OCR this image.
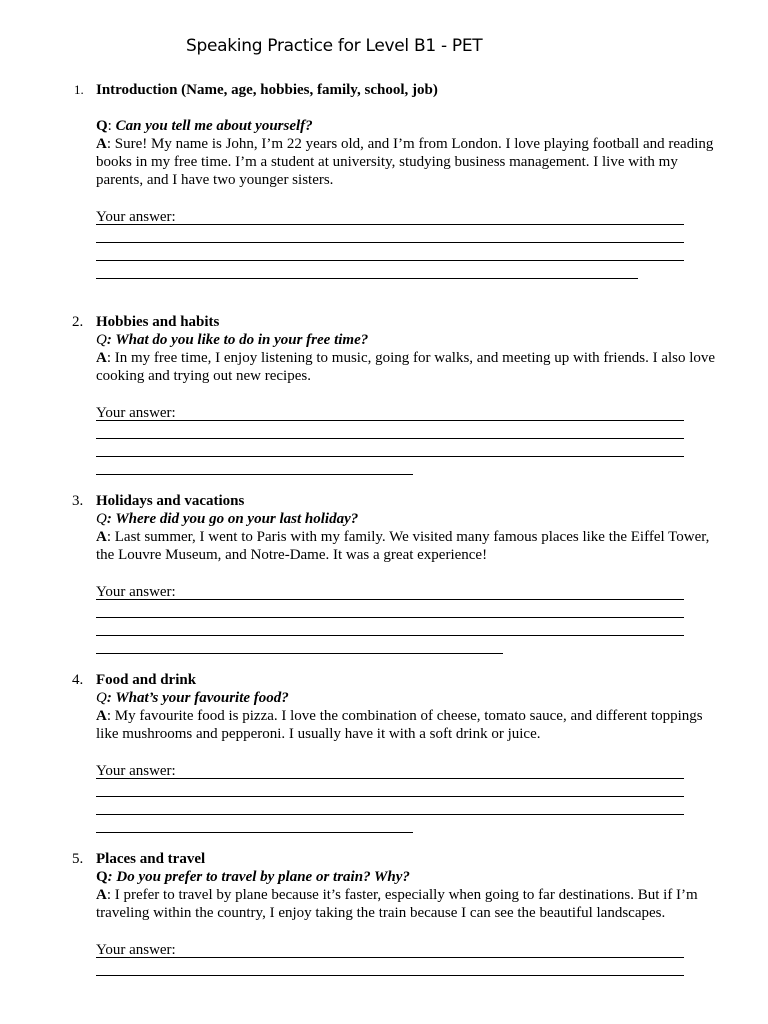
Speaking Practice for Level B1 - PET
1. Introduction (Name, age, hobbies, family, school, job)
Q: Can you tell me about yourself?
A: Sure! My name is John, I’m 22 years old, and I’m from London. I love playing football and reading books in my free time. I’m a student at university, studying business management. I live with my parents, and I have two younger sisters.
Your answer:
2. Hobbies and habits
Q: What do you like to do in your free time?
A: In my free time, I enjoy listening to music, going for walks, and meeting up with friends. I also love cooking and trying out new recipes.
Your answer:
3. Holidays and vacations
Q: Where did you go on your last holiday?
A: Last summer, I went to Paris with my family. We visited many famous places like the Eiffel Tower, the Louvre Museum, and Notre-Dame. It was a great experience!
Your answer:
4. Food and drink
Q: What’s your favourite food?
A: My favourite food is pizza. I love the combination of cheese, tomato sauce, and different toppings like mushrooms and pepperoni. I usually have it with a soft drink or juice.
Your answer:
5. Places and travel
Q: Do you prefer to travel by plane or train? Why?
A: I prefer to travel by plane because it’s faster, especially when going to far destinations. But if I’m traveling within the country, I enjoy taking the train because I can see the beautiful landscapes.
Your answer:
